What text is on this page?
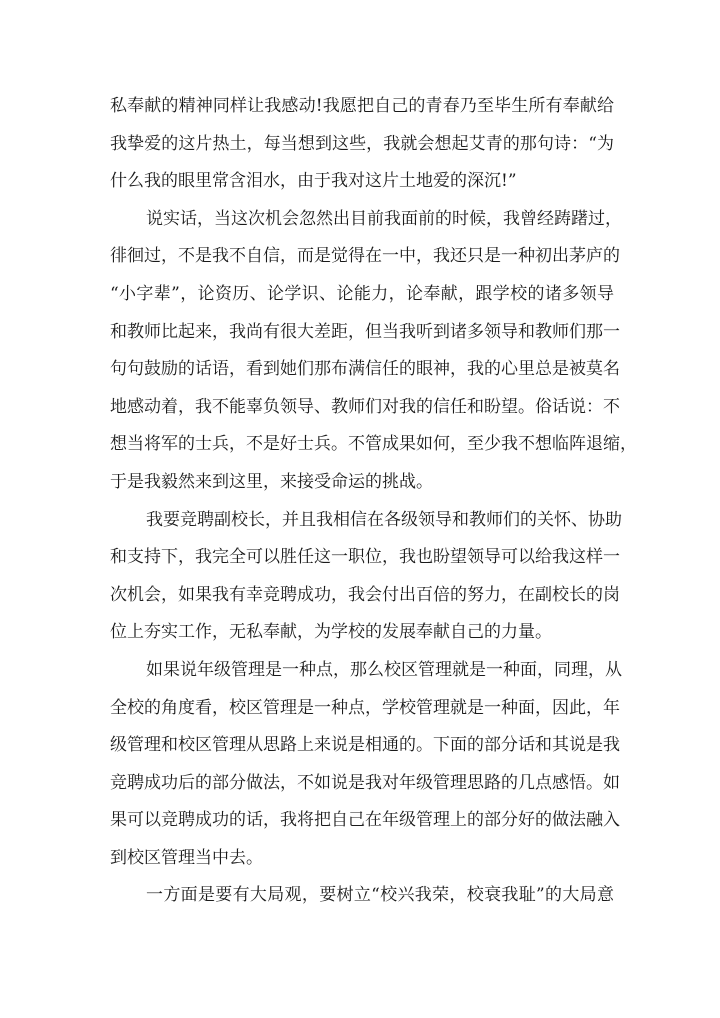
私奉献的精神同样让我感动!我愿把自己的青春乃至毕生所有奉献给
我挚爱的这片热土，每当想到这些，我就会想起艾青的那句诗：“为
什么我的眼里常含泪水，由于我对这片土地爱的深沉!”
说实话，当这次机会忽然出目前我面前的时候，我曾经踌躇过，
徘徊过，不是我不自信，而是觉得在一中，我还只是一种初出茅庐的
“小字辈”，论资历、论学识、论能力，论奉献，跟学校的诸多领导
和教师比起来，我尚有很大差距，但当我听到诸多领导和教师们那一
句句鼓励的话语，看到她们那布满信任的眼神，我的心里总是被莫名
地感动着，我不能辜负领导、教师们对我的信任和盼望。俗话说：不
想当将军的士兵，不是好士兵。不管成果如何，至少我不想临阵退缩，
于是我毅然来到这里，来接受命运的挑战。
我要竞聘副校长，并且我相信在各级领导和教师们的关怀、协助
和支持下，我完全可以胜任这一职位，我也盼望领导可以给我这样一
次机会，如果我有幸竞聘成功，我会付出百倍的努力，在副校长的岗
位上夯实工作，无私奉献，为学校的发展奉献自己的力量。
如果说年级管理是一种点，那么校区管理就是一种面，同理，从
全校的角度看，校区管理是一种点，学校管理就是一种面，因此，年
级管理和校区管理从思路上来说是相通的。下面的部分话和其说是我
竞聘成功后的部分做法，不如说是我对年级管理思路的几点感悟。如
果可以竞聘成功的话，我将把自己在年级管理上的部分好的做法融入
到校区管理当中去。
一方面是要有大局观，要树立“校兴我荣，校衰我耻”的大局意
